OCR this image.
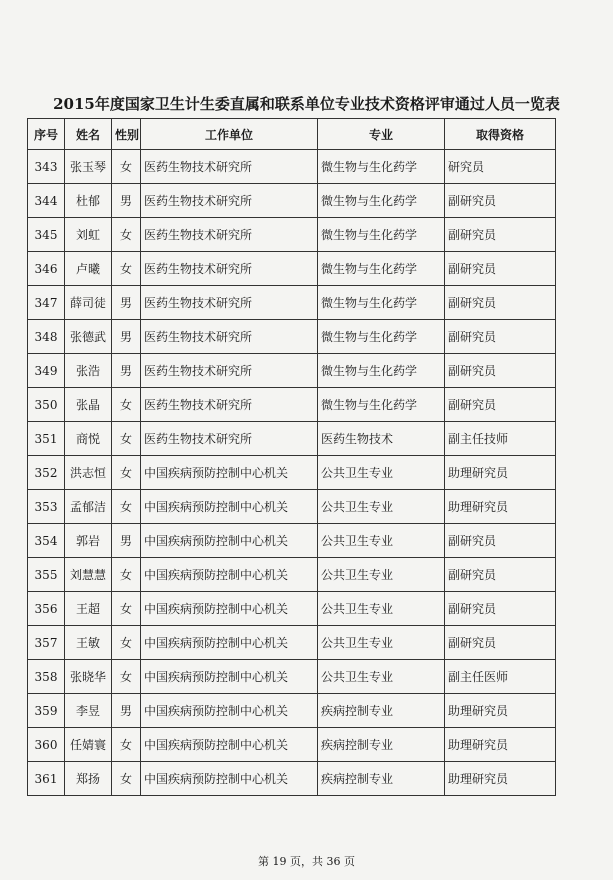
2015年度国家卫生计生委直属和联系单位专业技术资格评审通过人员一览表
序号	姓名	性别	工作单位	专业	取得资格
343	张玉琴	女	医药生物技术研究所	微生物与生化药学	研究员
344	杜郁	男	医药生物技术研究所	微生物与生化药学	副研究员
345	刘虹	女	医药生物技术研究所	微生物与生化药学	副研究员
346	卢曦	女	医药生物技术研究所	微生物与生化药学	副研究员
347	薛司徒	男	医药生物技术研究所	微生物与生化药学	副研究员
348	张德武	男	医药生物技术研究所	微生物与生化药学	副研究员
349	张浩	男	医药生物技术研究所	微生物与生化药学	副研究员
350	张晶	女	医药生物技术研究所	微生物与生化药学	副研究员
351	商悦	女	医药生物技术研究所	医药生物技术	副主任技师
352	洪志恒	女	中国疾病预防控制中心机关	公共卫生专业	助理研究员
353	孟郁洁	女	中国疾病预防控制中心机关	公共卫生专业	助理研究员
354	郭岩	男	中国疾病预防控制中心机关	公共卫生专业	副研究员
355	刘慧慧	女	中国疾病预防控制中心机关	公共卫生专业	副研究员
356	王超	女	中国疾病预防控制中心机关	公共卫生专业	副研究员
357	王敏	女	中国疾病预防控制中心机关	公共卫生专业	副研究员
358	张晓华	女	中国疾病预防控制中心机关	公共卫生专业	副主任医师
359	李昱	男	中国疾病预防控制中心机关	疾病控制专业	助理研究员
360	任婧寰	女	中国疾病预防控制中心机关	疾病控制专业	助理研究员
361	郑扬	女	中国疾病预防控制中心机关	疾病控制专业	助理研究员
第 19 页，共 36 页
